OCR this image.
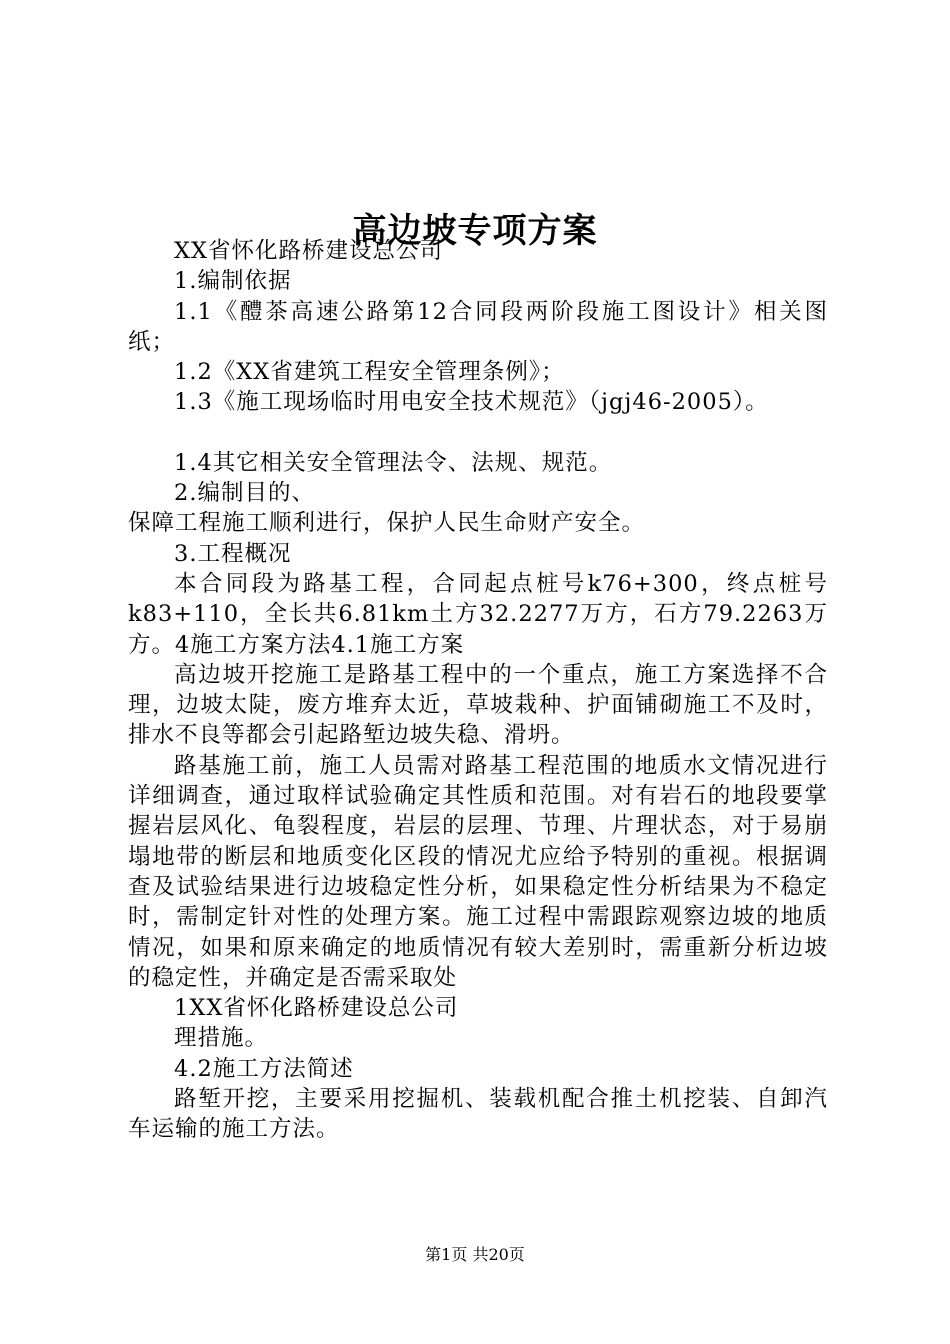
高边坡专项方案

XX省怀化路桥建设总公司

1.编制依据

1.1《醴茶高速公路第12合同段两阶段施工图设计》相关图纸；

1.2《XX省建筑工程安全管理条例》；

1.3《施工现场临时用电安全技术规范》（jgj46-2005）。

1.4其它相关安全管理法令、法规、规范。

2.编制目的、

保障工程施工顺利进行，保护人民生命财产安全。

3.工程概况

本合同段为路基工程，合同起点桩号k76+300，终点桩号k83+110，全长共6.81km土方32.2277万方，石方79.2263万方。4施工方案方法4.1施工方案

高边坡开挖施工是路基工程中的一个重点，施工方案选择不合理，边坡太陡，废方堆弃太近，草坡栽种、护面铺砌施工不及时，排水不良等都会引起路堑边坡失稳、滑坍。

路基施工前，施工人员需对路基工程范围的地质水文情况进行详细调查，通过取样试验确定其性质和范围。对有岩石的地段要掌握岩层风化、龟裂程度，岩层的层理、节理、片理状态，对于易崩塌地带的断层和地质变化区段的情况尤应给予特别的重视。根据调查及试验结果进行边坡稳定性分析，如果稳定性分析结果为不稳定时，需制定针对性的处理方案。施工过程中需跟踪观察边坡的地质情况，如果和原来确定的地质情况有较大差别时，需重新分析边坡的稳定性，并确定是否需采取处

1XX省怀化路桥建设总公司

理措施。

4.2施工方法简述

路堑开挖，主要采用挖掘机、装载机配合推土机挖装、自卸汽车运输的施工方法。

第1页 共20页
